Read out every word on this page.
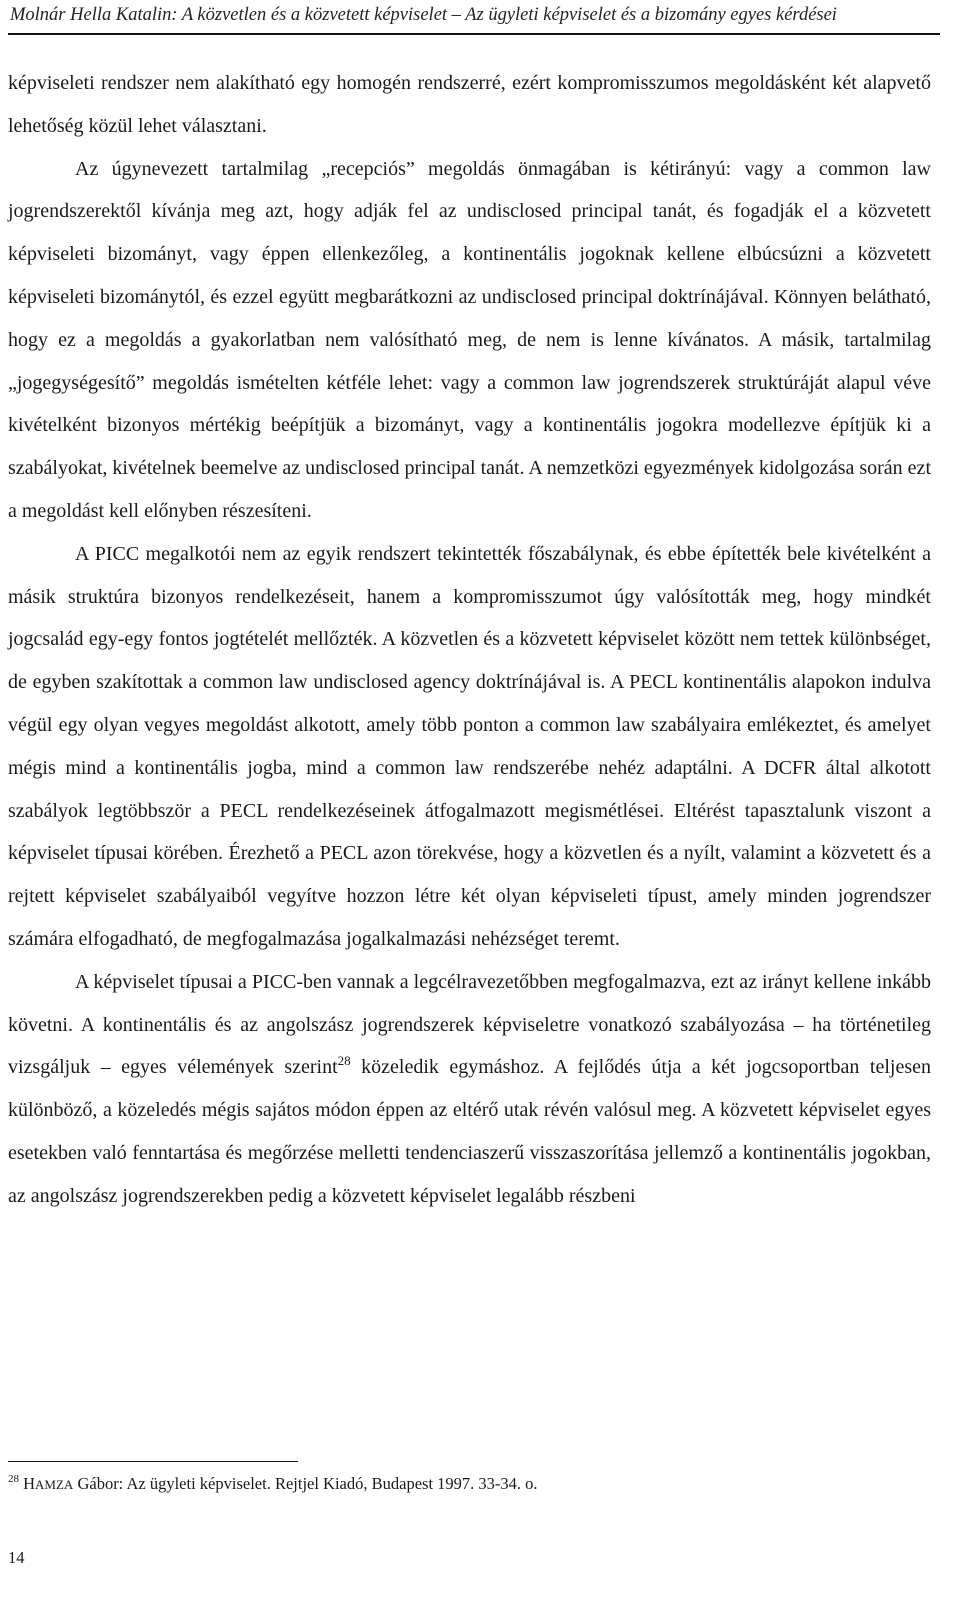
Molnár Hella Katalin: A közvetlen és a közvetett képviselet – Az ügyleti képviselet és a bizomány egyes kérdései

képviseleti rendszer nem alakítható egy homogén rendszerré, ezért kompromisszumos megoldásként két alapvető lehetőség közül lehet választani.

Az úgynevezett tartalmilag „recepciós” megoldás önmagában is kétirányú: vagy a common law jogrendszerektől kívánja meg azt, hogy adják fel az undisclosed principal tanát, és fogadják el a közvetett képviseleti bizományt, vagy éppen ellenkezőleg, a kontinentális jogoknak kellene elbúcsúzni a közvetett képviseleti bizománytól, és ezzel együtt megbarátkozni az undisclosed principal doktrínájával. Könnyen belátható, hogy ez a megoldás a gyakorlatban nem valósítható meg, de nem is lenne kívánatos. A másik, tartalmilag „jogegységesítő” megoldás ismételten kétféle lehet: vagy a common law jogrendszerek struktúráját alapul véve kivételként bizonyos mértékig beépítjük a bizományt, vagy a kontinentális jogokra modellezve építjük ki a szabályokat, kivételnek beemelve az undisclosed principal tanát. A nemzetközi egyezmények kidolgozása során ezt a megoldást kell előnyben részesíteni.

A PICC megalkotói nem az egyik rendszert tekintették főszabálynak, és ebbe építették bele kivételként a másik struktúra bizonyos rendelkezéseit, hanem a kompromisszumot úgy valósították meg, hogy mindkét jogcsalád egy-egy fontos jogtételét mellőzték. A közvetlen és a közvetett képviselet között nem tettek különbséget, de egyben szakítottak a common law undisclosed agency doktrínájával is. A PECL kontinentális alapokon indulva végül egy olyan vegyes megoldást alkotott, amely több ponton a common law szabályaira emlékeztet, és amelyet mégis mind a kontinentális jogba, mind a common law rendszerébe nehéz adaptálni. A DCFR által alkotott szabályok legtöbbször a PECL rendelkezéseinek átfogalmazott megismétlései. Eltérést tapasztalunk viszont a képviselet típusai körében. Érezhető a PECL azon törekvése, hogy a közvetlen és a nyílt, valamint a közvetett és a rejtett képviselet szabályaiból vegyítve hozzon létre két olyan képviseleti típust, amely minden jogrendszer számára elfogadható, de megfogalmazása jogalkalmazási nehézséget teremt.

A képviselet típusai a PICC-ben vannak a legcélravezetőbben megfogalmazva, ezt az irányt kellene inkább követni. A kontinentális és az angolszász jogrendszerek képviseletre vonatkozó szabályozása – ha történetileg vizsgáljuk – egyes vélemények szerint$^{28}$ közeledik egymáshoz. A fejlődés útja a két jogcsoportban teljesen különböző, a közeledés mégis sajátos módon éppen az eltérő utak révén valósul meg. A közvetett képviselet egyes esetekben való fenntartása és megőrzése melletti tendenciaszerű visszaszorítása jellemző a kontinentális jogokban, az angolszász jogrendszerekben pedig a közvetett képviselet legalább részbeni

$^{28}$ HAMZA Gábor: Az ügyleti képviselet. Rejtjel Kiadó, Budapest 1997. 33-34. o.
14
